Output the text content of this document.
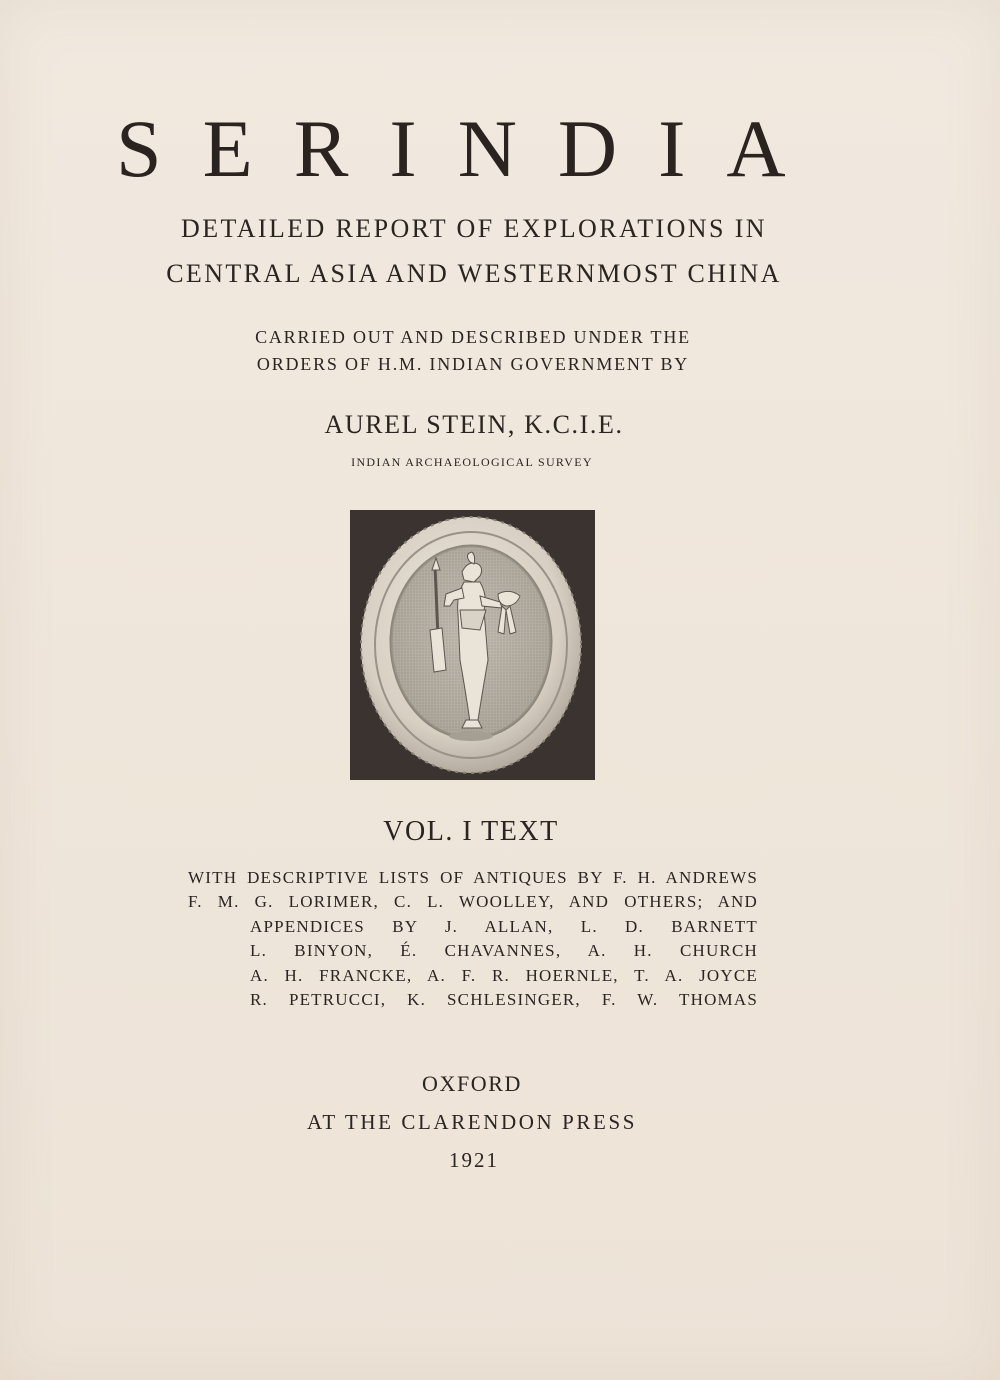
SERINDIA
DETAILED REPORT OF EXPLORATIONS IN
CENTRAL ASIA AND WESTERNMOST CHINA
CARRIED OUT AND DESCRIBED UNDER THE
ORDERS OF H.M. INDIAN GOVERNMENT BY
AUREL STEIN, K.C.I.E.
INDIAN ARCHAEOLOGICAL SURVEY
VOL. I TEXT
WITH DESCRIPTIVE LISTS OF ANTIQUES BY F. H. ANDREWS
F. M. G. LORIMER, C. L. WOOLLEY, AND OTHERS; AND
APPENDICES BY J. ALLAN, L. D. BARNETT
L. BINYON, É. CHAVANNES, A. H. CHURCH
A. H. FRANCKE, A. F. R. HOERNLE, T. A. JOYCE
R. PETRUCCI, K. SCHLESINGER, F. W. THOMAS
OXFORD
AT THE CLARENDON PRESS
1921
